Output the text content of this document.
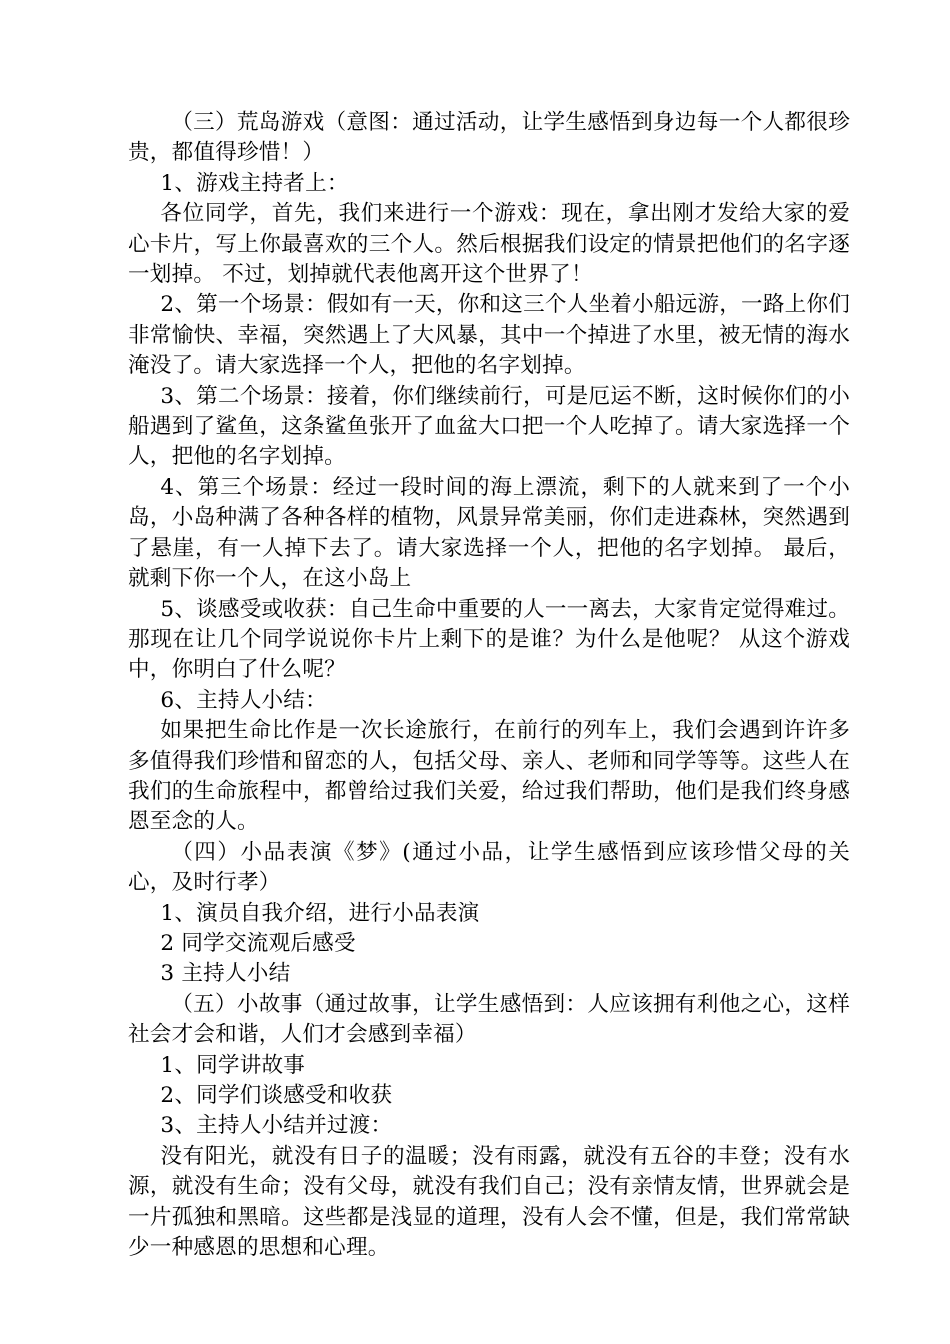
（三）荒岛游戏（意图：通过活动，让学生感悟到身边每一个人都很珍贵，都值得珍惜！）

1、游戏主持者上：

各位同学，首先，我们来进行一个游戏：现在，拿出刚才发给大家的爱心卡片，写上你最喜欢的三个人。然后根据我们设定的情景把他们的名字逐一划掉。 不过，划掉就代表他离开这个世界了！

2、第一个场景：假如有一天，你和这三个人坐着小船远游，一路上你们非常愉快、幸福，突然遇上了大风暴，其中一个掉进了水里，被无情的海水淹没了。请大家选择一个人，把他的名字划掉。

3、第二个场景：接着，你们继续前行，可是厄运不断，这时候你们的小船遇到了鲨鱼，这条鲨鱼张开了血盆大口把一个人吃掉了。请大家选择一个人，把他的名字划掉。

4、第三个场景：经过一段时间的海上漂流，剩下的人就来到了一个小岛，小岛种满了各种各样的植物，风景异常美丽，你们走进森林，突然遇到了悬崖，有一人掉下去了。请大家选择一个人，把他的名字划掉。 最后，就剩下你一个人，在这小岛上

5、谈感受或收获：自己生命中重要的人一一离去，大家肯定觉得难过。那现在让几个同学说说你卡片上剩下的是谁？为什么是他呢？ 从这个游戏中，你明白了什么呢？

6、主持人小结：

如果把生命比作是一次长途旅行，在前行的列车上，我们会遇到许许多多值得我们珍惜和留恋的人，包括父母、亲人、老师和同学等等。这些人在我们的生命旅程中，都曾给过我们关爱，给过我们帮助，他们是我们终身感恩至念的人。

（四）小品表演《梦》(通过小品，让学生感悟到应该珍惜父母的关心，及时行孝）

1、演员自我介绍，进行小品表演

2 同学交流观后感受

3 主持人小结

（五）小故事（通过故事，让学生感悟到：人应该拥有利他之心，这样社会才会和谐，人们才会感到幸福）

1、同学讲故事

2、同学们谈感受和收获

3、主持人小结并过渡：

没有阳光，就没有日子的温暖；没有雨露，就没有五谷的丰登；没有水源，就没有生命；没有父母，就没有我们自己；没有亲情友情，世界就会是一片孤独和黑暗。这些都是浅显的道理，没有人会不懂，但是，我们常常缺少一种感恩的思想和心理。
